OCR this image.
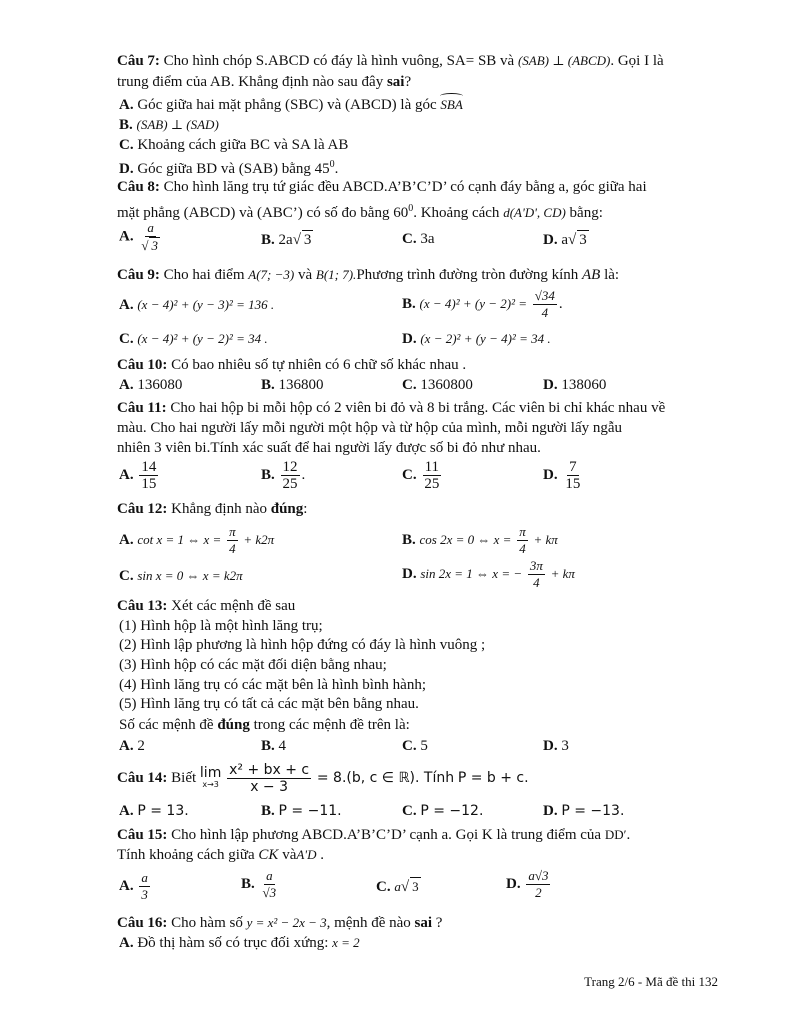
Câu 7: Cho hình chóp S.ABCD có đáy là hình vuông, SA= SB và (SAB) ⊥ (ABCD). Gọi I là
trung điểm của AB. Khẳng định nào sau đây sai?
A. Góc giữa hai mặt phẳng (SBC) và (ABCD) là góc SBA
B. (SAB) ⊥ (SAD)
C. Khoảng cách giữa BC và SA là AB
D. Góc giữa BD và (SAB) bằng $45^0$.
Câu 8: Cho hình lăng trụ tứ giác đều ABCD.A’B’C’D’ có cạnh đáy bằng a, góc giữa hai
mặt phẳng (ABCD) và (ABC’) có số đo bằng $60^0$. Khoảng cách d(A'D', CD) bằng:
A. $\frac{a}{√ 3}$	B. 2a√ 3	C. 3a	D. a√ 3
Câu 9: Cho hai điểm A(7; −3) và B(1; 7).Phương trình đường tròn đường kính AB là:
A. (x − 4)² + (y − 3)² = 136 .	B. $(x - 4)^2 + (y - 2)^2 = \frac{√34}{4}$ .
C. (x − 4)² + (y − 2)² = 34 .	D. (x − 2)² + (y − 4)² = 34 .
Câu 10: Có bao nhiêu số tự nhiên có 6 chữ số khác nhau .
A. 136080	B. 136800	C. 1360800	D. 138060
Câu 11: Cho hai hộp bi mỗi hộp có 2 viên bi đỏ và 8 bi trắng. Các viên bi chỉ khác nhau về
màu. Cho hai người lấy mỗi người một hộp và từ hộp của mình, mỗi người lấy ngẫu
nhiên 3 viên bi.Tính xác suất để hai người lấy được số bi đỏ như nhau.
A. $\frac{14}{15}$	B. $\frac{12}{25}$ .	C. $\frac{11}{25}$	D. $\frac{7}{15}$
Câu 12: Khẳng định nào đúng:
A. cot x = 1 ⇔ $x = \frac{\pi}{4} + k2\pi$	B. cos 2x = 0 ⇔ $x = \frac{\pi}{4} + k\pi$
C. sin x = 0 ⇔ x = k2π	D. sin 2x = 1 ⇔ x = − $\frac{3\pi}{4} + k\pi$
Câu 13: Xét các mệnh đề sau
(1) Hình hộp là một hình lăng trụ;
(2) Hình lập phương là hình hộp đứng có đáy là hình vuông ;
(3) Hình hộp có các mặt đối diện bằng nhau;
(4) Hình lăng trụ có các mặt bên là hình bình hành;
(5) Hình lăng trụ có tất cả các mặt bên bằng nhau.
Số các mệnh đề đúng trong các mệnh đề trên là:
A. 2	B. 4	C. 5	D. 3
Câu 14: Biết lim
x→3
$\frac{\text{x² + bx + c}}{x - 3} = 8.(b$, c ∈ ℝ). Tính P = b + c.
A. P = 13.	B. P = −11.	C. P = −12.	D. P = −13.
Câu 15: Cho hình lập phương ABCD.A’B’C’D’ cạnh a. Gọi K là trung điểm của DD′.
Tính khoảng cách giữa CK vàA'D .
A. $\frac{a}{3}$	B. $\frac{a}{√3}$	C. a√ 3	D. $\frac{a√3}{2}$
Câu 16: Cho hàm số y = x² − 2x − 3, mệnh đề nào sai ?
A. Đồ thị hàm số có trục đối xứng: x = 2
Trang 2/6 - Mã đề thi 132
